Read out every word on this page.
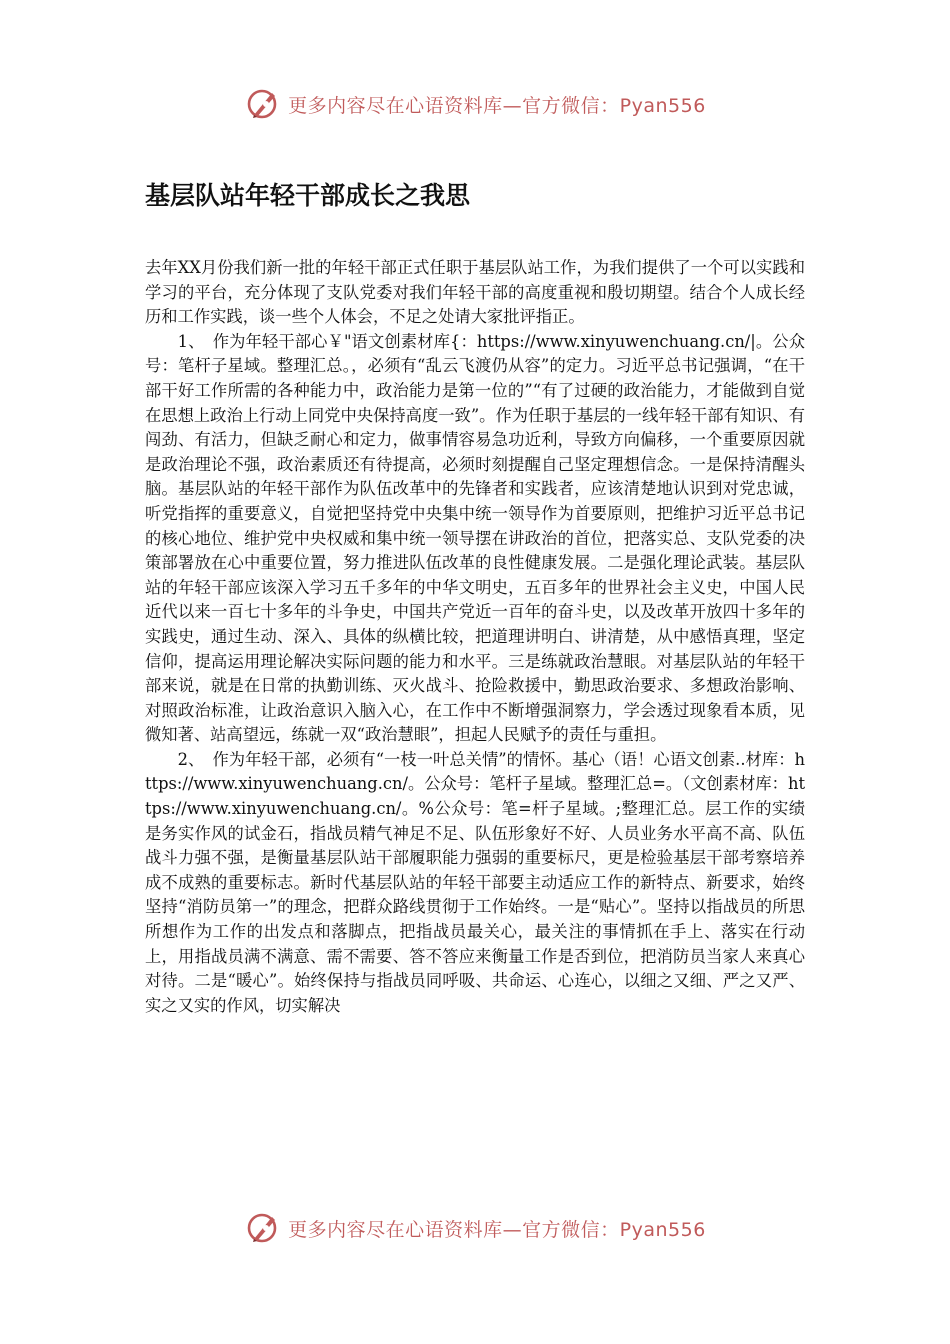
更多内容尽在心语资料库—官方微信：Pyan556
基层队站年轻干部成长之我思

去年XX月份我们新一批的年轻干部正式任职于基层队站工作，为我们提供了一个可以实践和学习的平台，充分体现了支队党委对我们年轻干部的高度重视和殷切期望。结合个人成长经历和工作实践，谈一些个人体会，不足之处请大家批评指正。

1、　作为年轻干部心￥"语文创素材库{：https://www.xinyuwenchuang.cn/|。公众号：笔杆子星域。整理汇总。，必须有“乱云飞渡仍从容”的定力。习近平总书记强调，“在干部干好工作所需的各种能力中，政治能力是第一位的”“有了过硬的政治能力，才能做到自觉在思想上政治上行动上同党中央保持高度一致”。作为任职于基层的一线年轻干部有知识、有闯劲、有活力，但缺乏耐心和定力，做事情容易急功近利，导致方向偏移，一个重要原因就是政治理论不强，政治素质还有待提高，必须时刻提醒自己坚定理想信念。一是保持清醒头脑。基层队站的年轻干部作为队伍改革中的先锋者和实践者，应该清楚地认识到对党忠诚，听党指挥的重要意义，自觉把坚持党中央集中统一领导作为首要原则，把维护习近平总书记的核心地位、维护党中央权威和集中统一领导摆在讲政治的首位，把落实总、支队党委的决策部署放在心中重要位置，努力推进队伍改革的良性健康发展。二是强化理论武装。基层队站的年轻干部应该深入学习五千多年的中华文明史，五百多年的世界社会主义史，中国人民近代以来一百七十多年的斗争史，中国共产党近一百年的奋斗史，以及改革开放四十多年的实践史，通过生动、深入、具体的纵横比较，把道理讲明白、讲清楚，从中感悟真理，坚定信仰，提高运用理论解决实际问题的能力和水平。三是练就政治慧眼。对基层队站的年轻干部来说，就是在日常的执勤训练、灭火战斗、抢险救援中，勤思政治要求、多想政治影响、对照政治标准，让政治意识入脑入心，在工作中不断增强洞察力，学会透过现象看本质，见微知著、站高望远，练就一双“政治慧眼”，担起人民赋予的责任与重担。

2、　作为年轻干部，必须有“一枝一叶总关情”的情怀。基心（语！心语文创素..材库：https://www.xinyuwenchuang.cn/。公众号：笔杆子星域。整理汇总=。（文创素材库：https://www.xinyuwenchuang.cn/。%公众号：笔=杆子星域。;整理汇总。层工作的实绩是务实作风的试金石，指战员精气神足不足、队伍形象好不好、人员业务水平高不高、队伍战斗力强不强，是衡量基层队站干部履职能力强弱的重要标尺，更是检验基层干部考察培养成不成熟的重要标志。新时代基层队站的年轻干部要主动适应工作的新特点、新要求，始终坚持“消防员第一”的理念，把群众路线贯彻于工作始终。一是“贴心”。坚持以指战员的所思所想作为工作的出发点和落脚点，把指战员最关心，最关注的事情抓在手上、落实在行动上，用指战员满不满意、需不需要、答不答应来衡量工作是否到位，把消防员当家人来真心对待。二是“暖心”。始终保持与指战员同呼吸、共命运、心连心，以细之又细、严之又严、实之又实的作风，切实解决

更多内容尽在心语资料库—官方微信：Pyan556
